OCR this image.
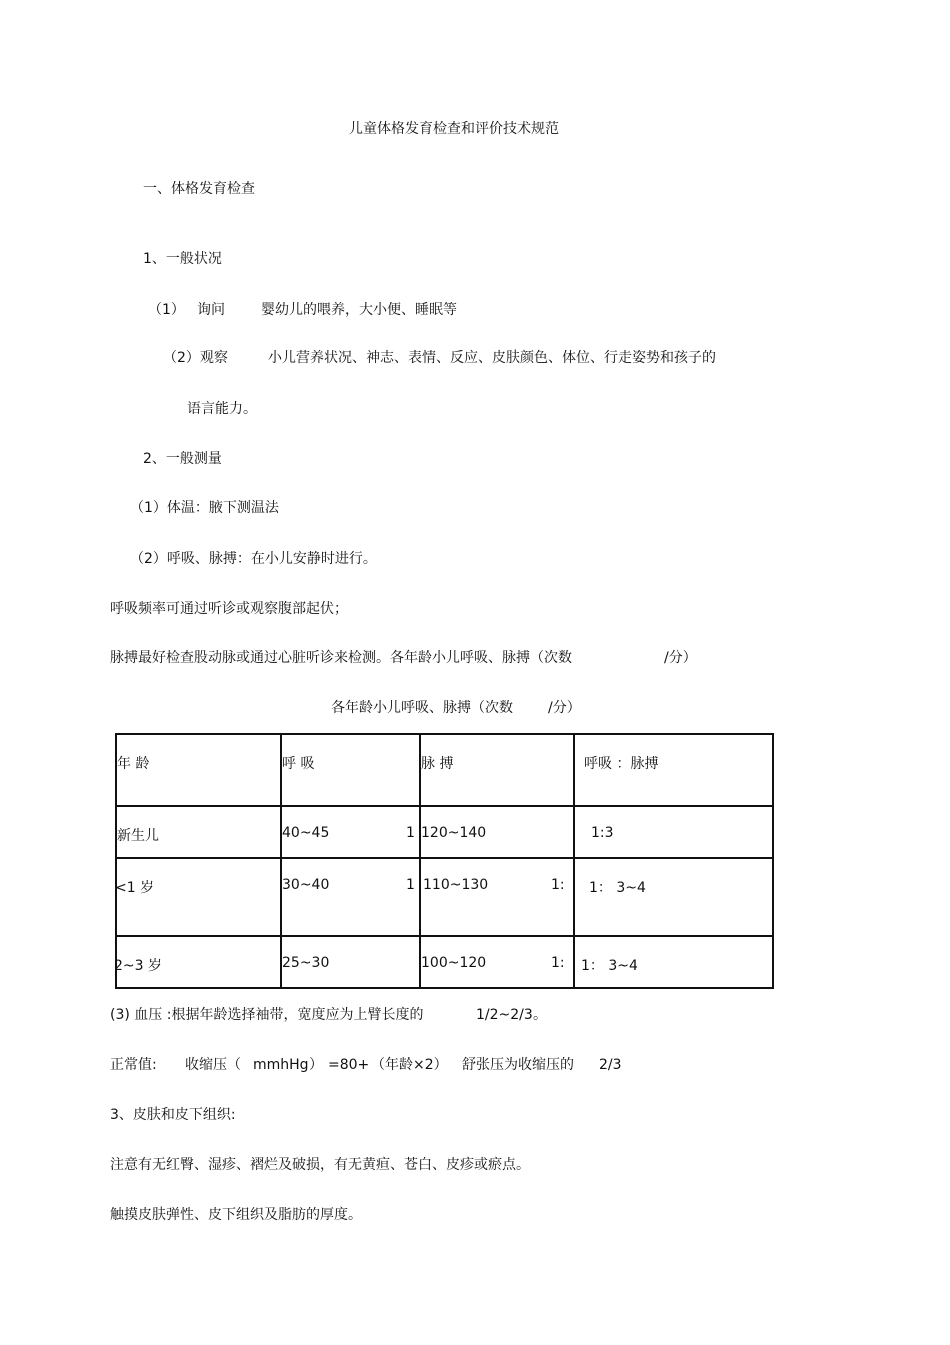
儿童体格发育检查和评价技术规范
一、体格发育检查
1、一般状况
（1） 询问	婴幼儿的喂养，大小便、睡眠等
（2）观察	小儿营养状况、神志、表情、反应、皮肤颜色、体位、行走姿势和孩子的
语言能力。
2、一般测量
（1）体温：腋下测温法
（2）呼吸、脉搏：在小儿安静时进行。
呼吸频率可通过听诊或观察腹部起伏；
脉搏最好检查股动脉或通过心脏听诊来检测。各年龄小儿呼吸、脉搏（次数	/分）
各年龄小儿呼吸、脉搏（次数	/分）
年 龄	呼 吸	脉 搏	呼吸 ：脉搏

新生儿	40~45 1	120~140	1:3

<1 岁	30~40 1	110~130 1:	1： 3~4

2~3 岁	25~30	100~120 1:	1： 3~4
(3) 血压 :根据年龄选择袖带，宽度应为上臂长度的	1/2~2/3 。
正常值: 收缩压（ mmhHg ） =80+ （年龄×2） 舒张压为收缩压的 2/3
3、皮肤和皮下组织:
注意有无红臀、湿疹、褶烂及破损，有无黄疸、苍白、皮疹或瘀点。
触摸皮肤弹性、皮下组织及脂肪的厚度。
